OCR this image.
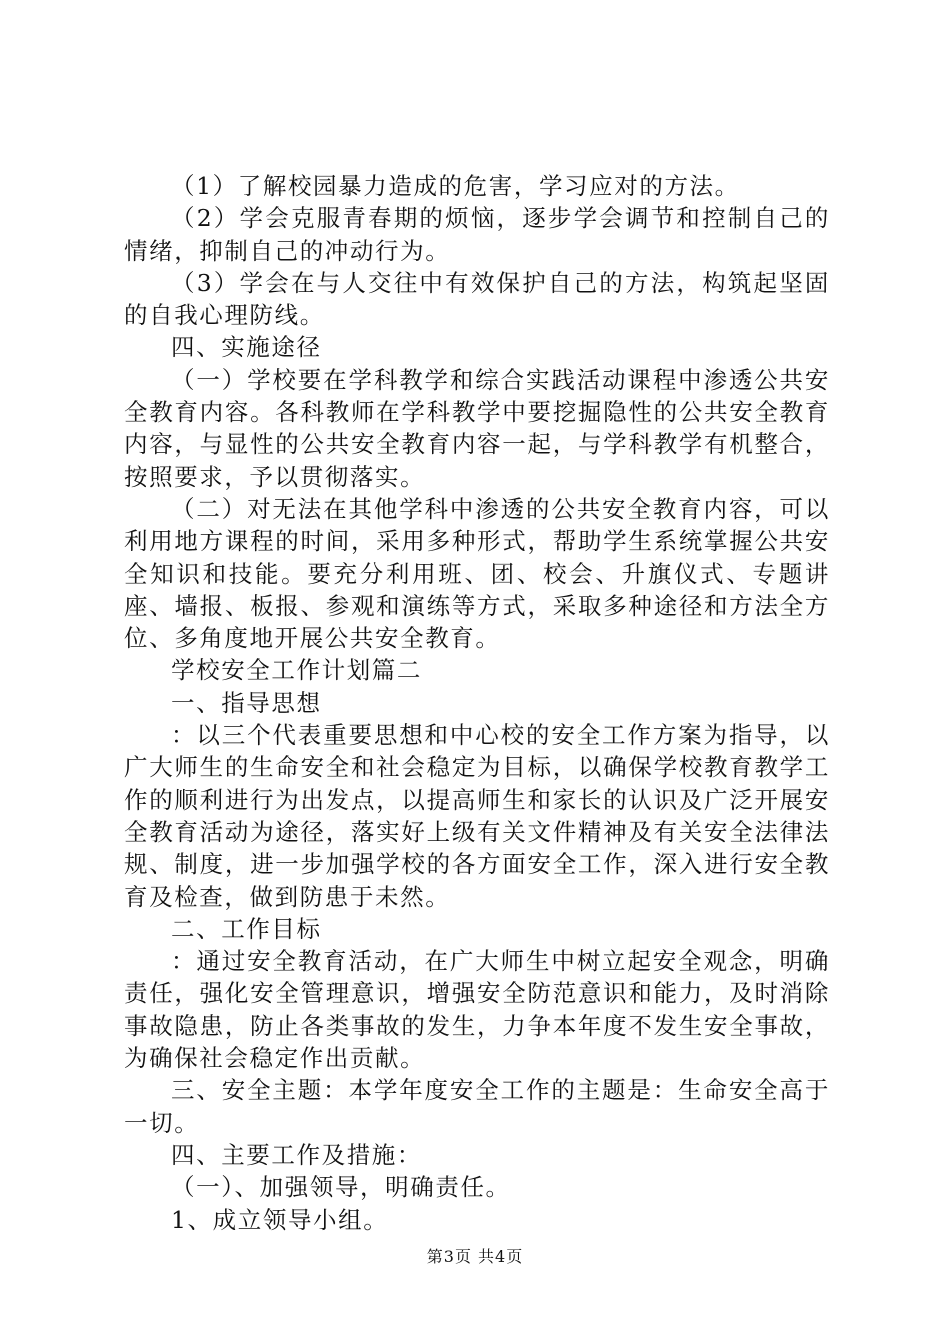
（1）了解校园暴力造成的危害，学习应对的方法。

（2）学会克服青春期的烦恼，逐步学会调节和控制自己的情绪，抑制自己的冲动行为。

（3）学会在与人交往中有效保护自己的方法，构筑起坚固的自我心理防线。

四、实施途径

（一）学校要在学科教学和综合实践活动课程中渗透公共安全教育内容。各科教师在学科教学中要挖掘隐性的公共安全教育内容，与显性的公共安全教育内容一起，与学科教学有机整合，按照要求，予以贯彻落实。

（二）对无法在其他学科中渗透的公共安全教育内容，可以利用地方课程的时间，采用多种形式，帮助学生系统掌握公共安全知识和技能。要充分利用班、团、校会、升旗仪式、专题讲座、墙报、板报、参观和演练等方式，采取多种途径和方法全方位、多角度地开展公共安全教育。

学校安全工作计划篇二

一、指导思想

：以三个代表重要思想和中心校的安全工作方案为指导，以广大师生的生命安全和社会稳定为目标，以确保学校教育教学工作的顺利进行为出发点，以提高师生和家长的认识及广泛开展安全教育活动为途径，落实好上级有关文件精神及有关安全法律法规、制度，进一步加强学校的各方面安全工作，深入进行安全教育及检查，做到防患于未然。

二、工作目标

：通过安全教育活动，在广大师生中树立起安全观念，明确责任，强化安全管理意识，增强安全防范意识和能力，及时消除事故隐患，防止各类事故的发生，力争本年度不发生安全事故，为确保社会稳定作出贡献。

三、安全主题：本学年度安全工作的主题是：生命安全高于一切。

四、主要工作及措施：

（一）、加强领导，明确责任。

1、成立领导小组。

第3页 共4页
